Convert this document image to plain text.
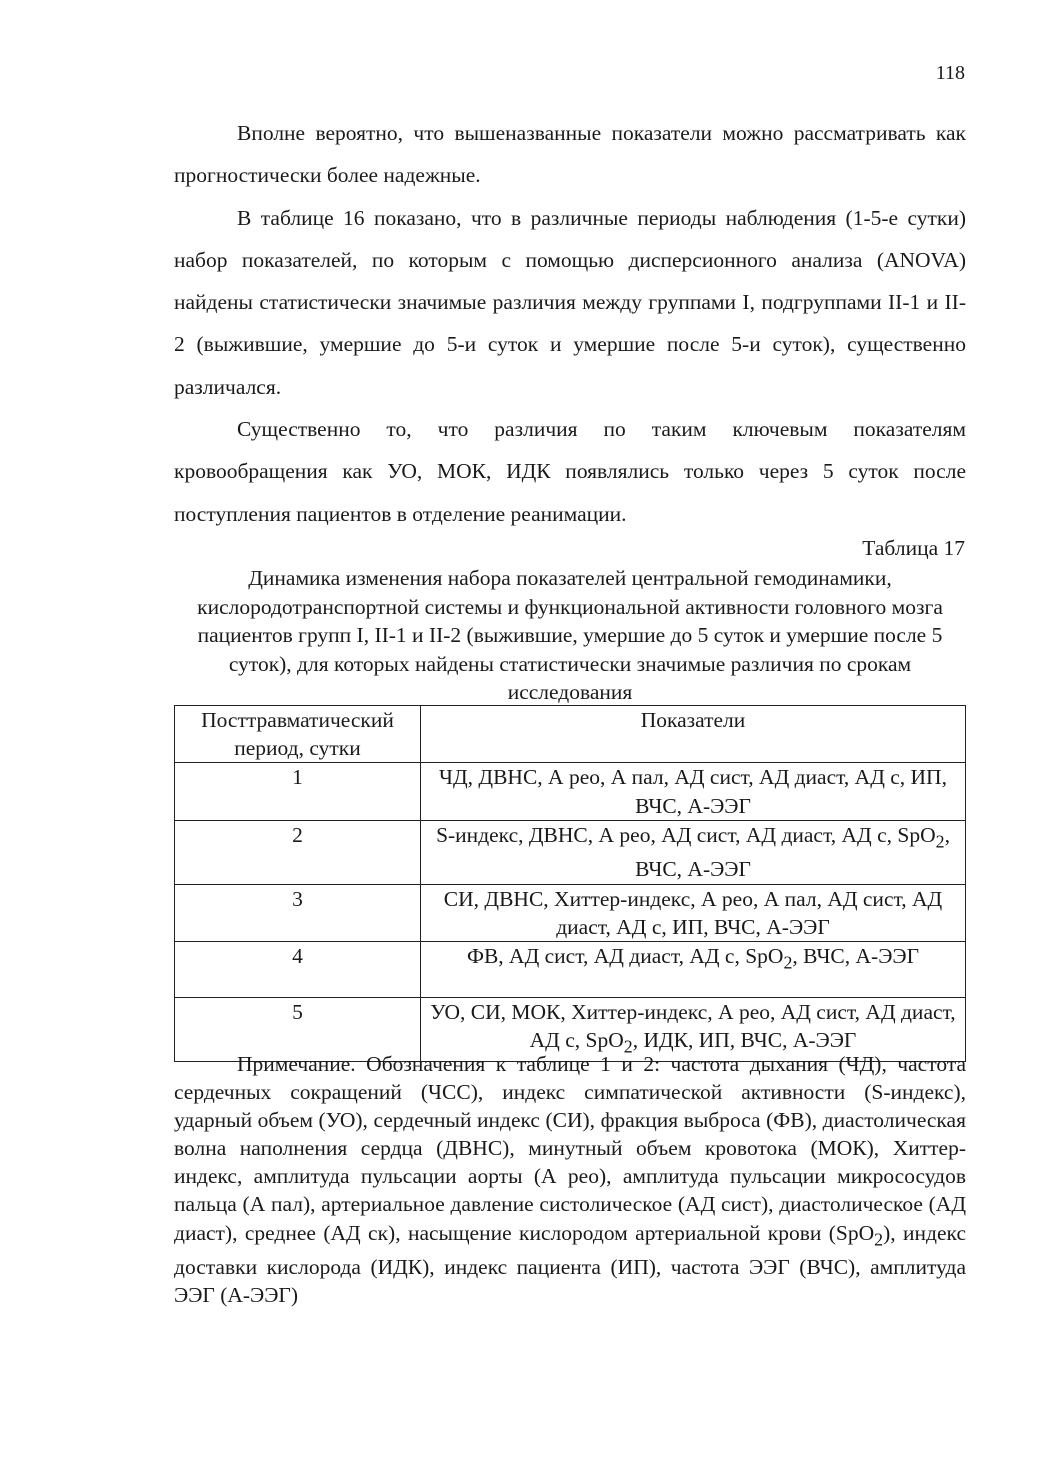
118

Вполне вероятно, что вышеназванные показатели можно рассматривать как прогностически более надежные.

В таблице 16 показано, что в различные периоды наблюдения (1-5-е сутки) набор показателей, по которым с помощью дисперсионного анализа (ANOVA) найдены статистически значимые различия между группами I, подгруппами II-1 и II-2 (выжившие, умершие до 5-и суток и умершие после 5-и суток), существенно различался.

Существенно то, что различия по таким ключевым показателям кровообращения как УО, МОК, ИДК появлялись только через 5 суток после поступления пациентов в отделение реанимации.

Таблица 17
Динамика изменения набора показателей центральной гемодинамики, кислородотранспортной системы и функциональной активности головного мозга пациентов групп I, II-1 и II-2 (выжившие, умершие до 5 суток и умершие после 5 суток), для которых найдены статистически значимые различия по срокам исследования
Посттравматический период, сутки	Показатели
1	ЧД, ДВНС, А рео, А пал, АД сист, АД диаст, АД с, ИП, ВЧС, А-ЭЭГ
2	S-индекс, ДВНС, А рео, АД сист, АД диаст, АД с, SpO$_2$, ВЧС, А-ЭЭГ
3	СИ, ДВНС, Хиттер-индекс, А рео, А пал, АД сист, АД диаст, АД с, ИП, ВЧС, А-ЭЭГ
4	ФВ, АД сист, АД диаст, АД с, SpO$_2$, ВЧС, А-ЭЭГ
5	УО, СИ, МОК, Хиттер-индекс, А рео, АД сист, АД диаст, АД с, SpO$_2$, ИДК, ИП, ВЧС, А-ЭЭГ

Примечание. Обозначения к таблице 1 и 2: частота дыхания (ЧД), частота сердечных сокращений (ЧСС), индекс симпатической активности (S-индекс), ударный объем (УО), сердечный индекс (СИ), фракция выброса (ФВ), диастолическая волна наполнения сердца (ДВНС), минутный объем кровотока (МОК), Хиттер-индекс, амплитуда пульсации аорты (А рео), амплитуда пульсации микрососудов пальца (А пал), артериальное давление систолическое (АД сист), диастолическое (АД диаст), среднее (АД ск), насыщение кислородом артериальной крови (SpO$_2$), индекс доставки кислорода (ИДК), индекс пациента (ИП), частота ЭЭГ (ВЧС), амплитуда ЭЭГ (А-ЭЭГ)
